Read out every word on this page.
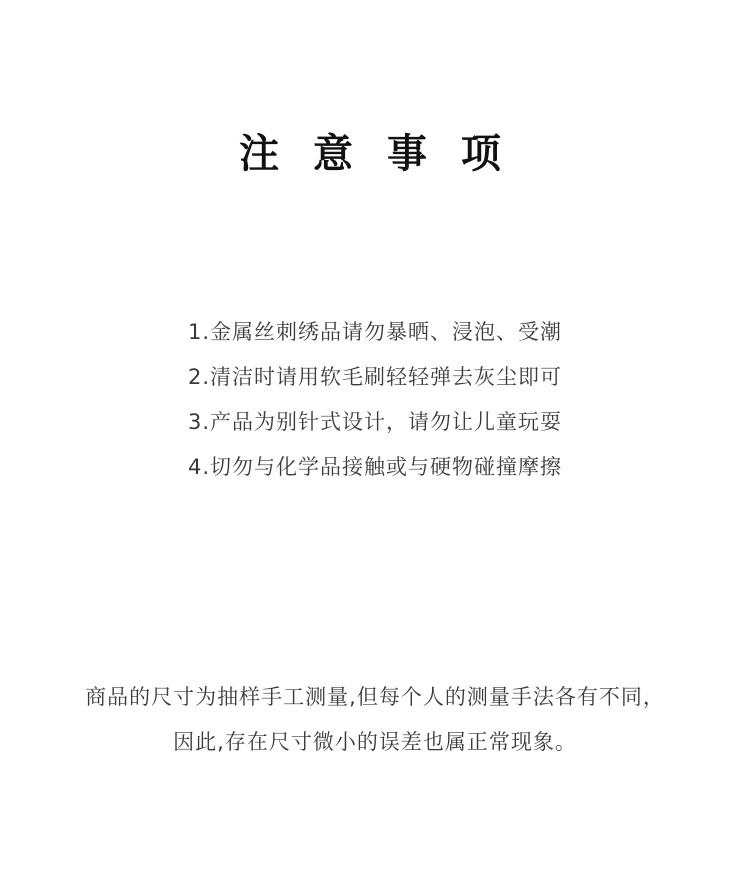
注 意 事 项
1.金属丝刺绣品请勿暴晒、浸泡、受潮
2.清洁时请用软毛刷轻轻弹去灰尘即可
3.产品为别针式设计，请勿让儿童玩耍
4.切勿与化学品接触或与硬物碰撞摩擦
商品的尺寸为抽样手工测量,但每个人的测量手法各有不同，
因此,存在尺寸微小的误差也属正常现象。
